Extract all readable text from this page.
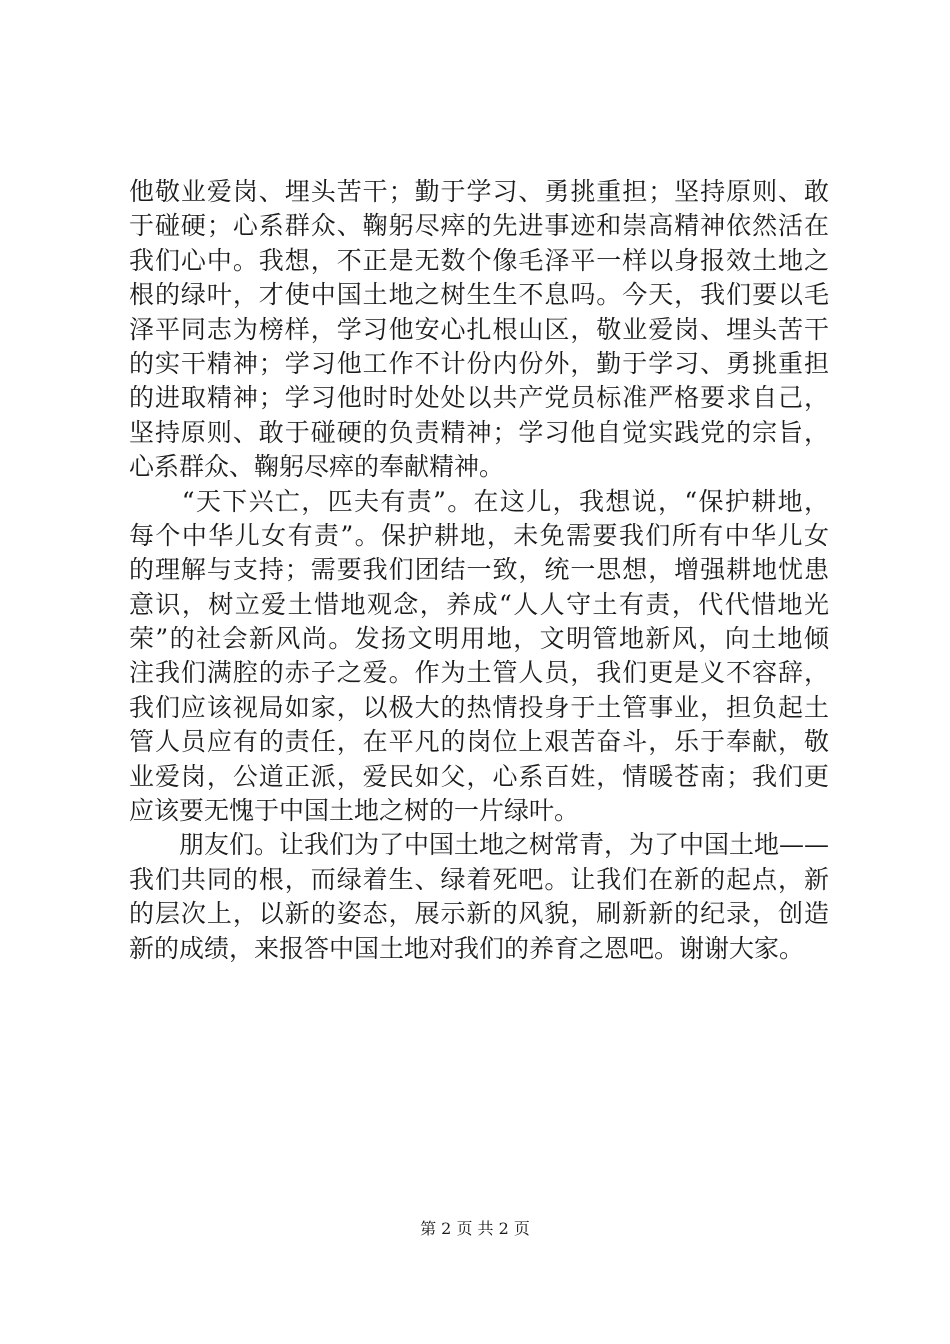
他敬业爱岗、埋头苦干；勤于学习、勇挑重担；坚持原则、敢
于碰硬；心系群众、鞠躬尽瘁的先进事迹和崇高精神依然活在
我们心中。我想，不正是无数个像毛泽平一样以身报效土地之
根的绿叶，才使中国土地之树生生不息吗。今天，我们要以毛
泽平同志为榜样，学习他安心扎根山区，敬业爱岗、埋头苦干
的实干精神；学习他工作不计份内份外，勤于学习、勇挑重担
的进取精神；学习他时时处处以共产党员标准严格要求自己，
坚持原则、敢于碰硬的负责精神；学习他自觉实践党的宗旨，
心系群众、鞠躬尽瘁的奉献精神。
　　“天下兴亡，匹夫有责”。在这儿，我想说，“保护耕地，
每个中华儿女有责”。保护耕地，未免需要我们所有中华儿女
的理解与支持；需要我们团结一致，统一思想，增强耕地忧患
意识，树立爱土惜地观念，养成“人人守土有责，代代惜地光
荣”的社会新风尚。发扬文明用地，文明管地新风，向土地倾
注我们满腔的赤子之爱。作为土管人员，我们更是义不容辞，
我们应该视局如家，以极大的热情投身于土管事业，担负起土
管人员应有的责任，在平凡的岗位上艰苦奋斗，乐于奉献，敬
业爱岗，公道正派，爱民如父，心系百姓，情暖苍南；我们更
应该要无愧于中国土地之树的一片绿叶。
　　朋友们。让我们为了中国土地之树常青，为了中国土地——
我们共同的根，而绿着生、绿着死吧。让我们在新的起点，新
的层次上，以新的姿态，展示新的风貌，刷新新的纪录，创造
新的成绩，来报答中国土地对我们的养育之恩吧。谢谢大家。
第 2 页 共 2 页
